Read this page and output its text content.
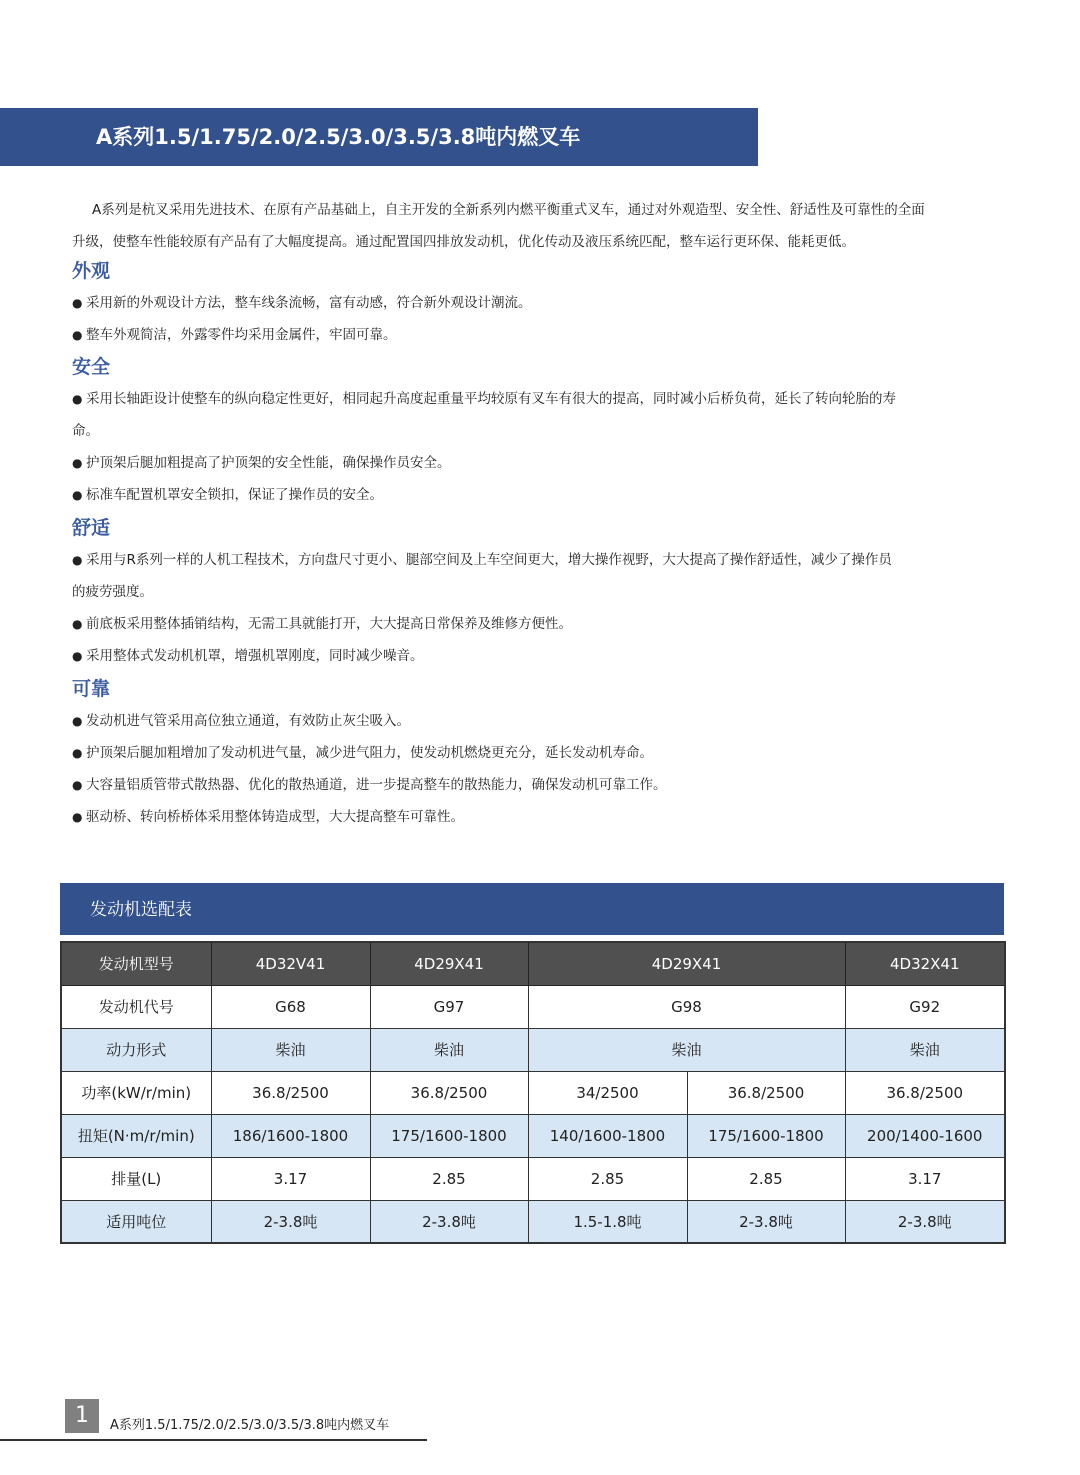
A系列1.5/1.75/2.0/2.5/3.0/3.5/3.8吨内燃叉车
A系列是杭叉采用先进技术、在原有产品基础上，自主开发的全新系列内燃平衡重式叉车，通过对外观造型、安全性、舒适性及可靠性的全面
升级，使整车性能较原有产品有了大幅度提高。通过配置国四排放发动机，优化传动及液压系统匹配，整车运行更环保、能耗更低。
外观
● 采用新的外观设计方法，整车线条流畅，富有动感，符合新外观设计潮流。
● 整车外观简洁，外露零件均采用金属件，牢固可靠。
安全
● 采用长轴距设计使整车的纵向稳定性更好，相同起升高度起重量平均较原有叉车有很大的提高，同时减小后桥负荷，延长了转向轮胎的寿
命。
● 护顶架后腿加粗提高了护顶架的安全性能，确保操作员安全。
● 标准车配置机罩安全锁扣，保证了操作员的安全。
舒适
● 采用与R系列一样的人机工程技术，方向盘尺寸更小、腿部空间及上车空间更大，增大操作视野，大大提高了操作舒适性，减少了操作员
的疲劳强度。
● 前底板采用整体插销结构，无需工具就能打开，大大提高日常保养及维修方便性。
● 采用整体式发动机机罩，增强机罩刚度，同时减少噪音。
可靠
● 发动机进气管采用高位独立通道，有效防止灰尘吸入。
● 护顶架后腿加粗增加了发动机进气量，减少进气阻力，使发动机燃烧更充分，延长发动机寿命。
● 大容量铝质管带式散热器、优化的散热通道，进一步提高整车的散热能力，确保发动机可靠工作。
● 驱动桥、转向桥桥体采用整体铸造成型，大大提高整车可靠性。
发动机选配表
发动机型号	4D32V41	4D29X41	4D29X41		4D32X41
发动机代号	G68	G97	G98		G92
动力形式	柴油	柴油	柴油		柴油
功率(kW/r/min)	36.8/2500	36.8/2500	34/2500	36.8/2500	36.8/2500
扭矩(N·m/r/min)	186/1600-1800	175/1600-1800	140/1600-1800	175/1600-1800	200/1400-1600
排量(L)	3.17	2.85	2.85	2.85	3.17
适用吨位	2-3.8吨	2-3.8吨	1.5-1.8吨	2-3.8吨	2-3.8吨
1	A系列1.5/1.75/2.0/2.5/3.0/3.5/3.8吨内燃叉车
